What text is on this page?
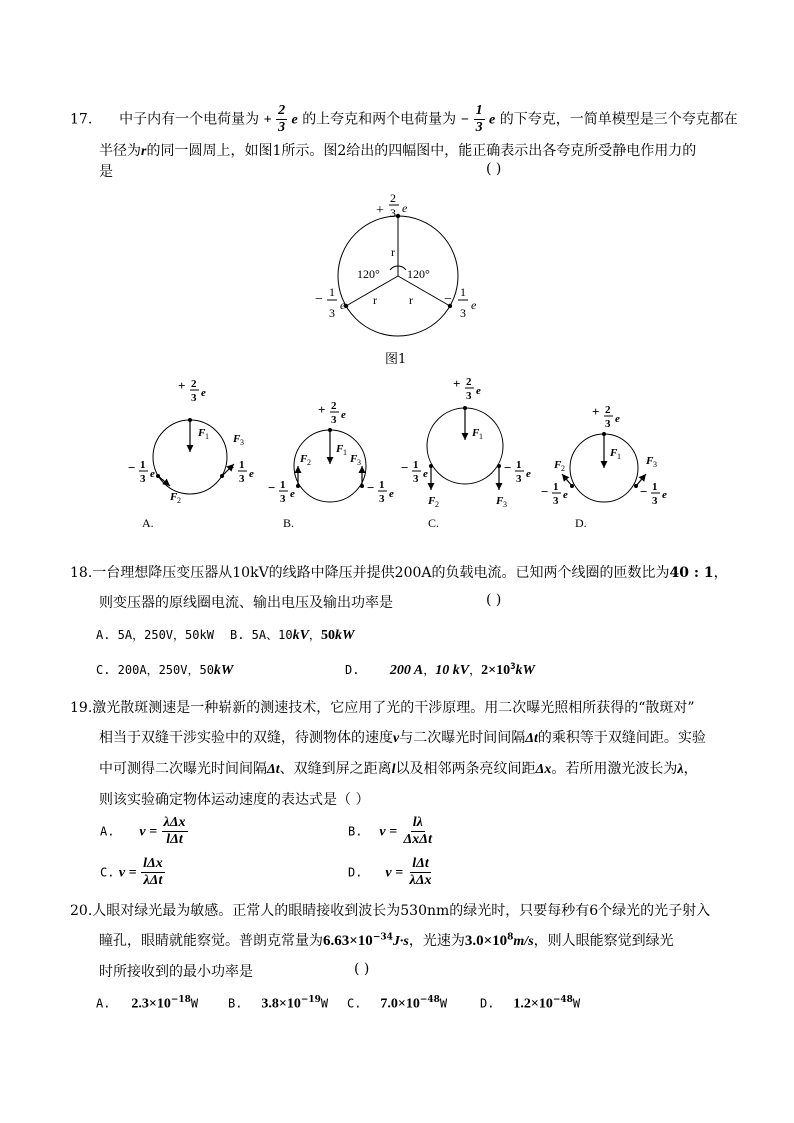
17. 中子内有一个电荷量为 + $\frac{2}{3}$ e 的上夸克和两个电荷量为 − $\frac{1}{3}$ e 的下夸克，一简单模型是三个夸克都在
半径为r的同一圆周上，如图1所示。图2给出的四幅图中，能正确表示出各夸克所受静电作用力的
是	( )
+
2
3 e
120° 120°
r
r	r
− 1
3
e	− 1
3
e
图1
+ 2
3 e
F 1
F 2
F 3
− 1
3 e	− 1
3 e
+ 2
3 e
F 1
F 2	F 3
− 1
3 e	− 1
3 e
+ 2
3 e
F 1
F 2	F 3
− 1
3 e	− 1
3 e
+ 2
3 e
F 1
F 2
F 3
− 1
3 e	− 1
3 e
A.	B.	C.	D.
18.一台理想降压变压器从10kV的线路中降压并提供200A的负载电流。已知两个线圈的匝数比为40 : 1，
则变压器的原线圈电流、输出电压及输出功率是	( )
A. 5A，250V，50kW B. 5A、10kV，50kW
C. 200A，250V，50kW	D. 200 A，10 kV，$2\times 10^3kW$
19.激光散斑测速是一种崭新的测速技术，它应用了光的干涉原理。用二次曝光照相所获得的“散斑对”
相当于双缝干涉实验中的双缝，待测物体的速度v与二次曝光时间间隔Δt的乘积等于双缝间距。实验
中可测得二次曝光时间间隔Δt、双缝到屏之距离l以及相邻两条亮纹间距Δx。若所用激光波长为λ，
则该实验确定物体运动速度的表达式是（ ）
A. $v = \frac{\text{λΔx}}{\text{lΔt}}$	B. $v = \frac{l\lambda}{\text{ΔxΔt}}$
C. $v = \frac{\text{lΔx}}{\text{λΔt}}$	D. $v = \frac{\text{lΔt}}{\text{λΔx}}$
20.人眼对绿光最为敏感。正常人的眼睛接收到波长为530nm的绿光时，只要每秒有6个绿光的光子射入
瞳孔，眼睛就能察觉。普朗克常量为$6.63\times 10^{-34}J\cdot s$，光速为$3.0\times 10^8m/s$，则人眼能察觉到绿光
时所接收到的最小功率是	( )
A. $2.3\times 10^{-18}W$ B. $3.8\times 10^{-19}W$ C. $7.0\times 10^{-48}W$	D. $1.2\times 10^{-48}W$
